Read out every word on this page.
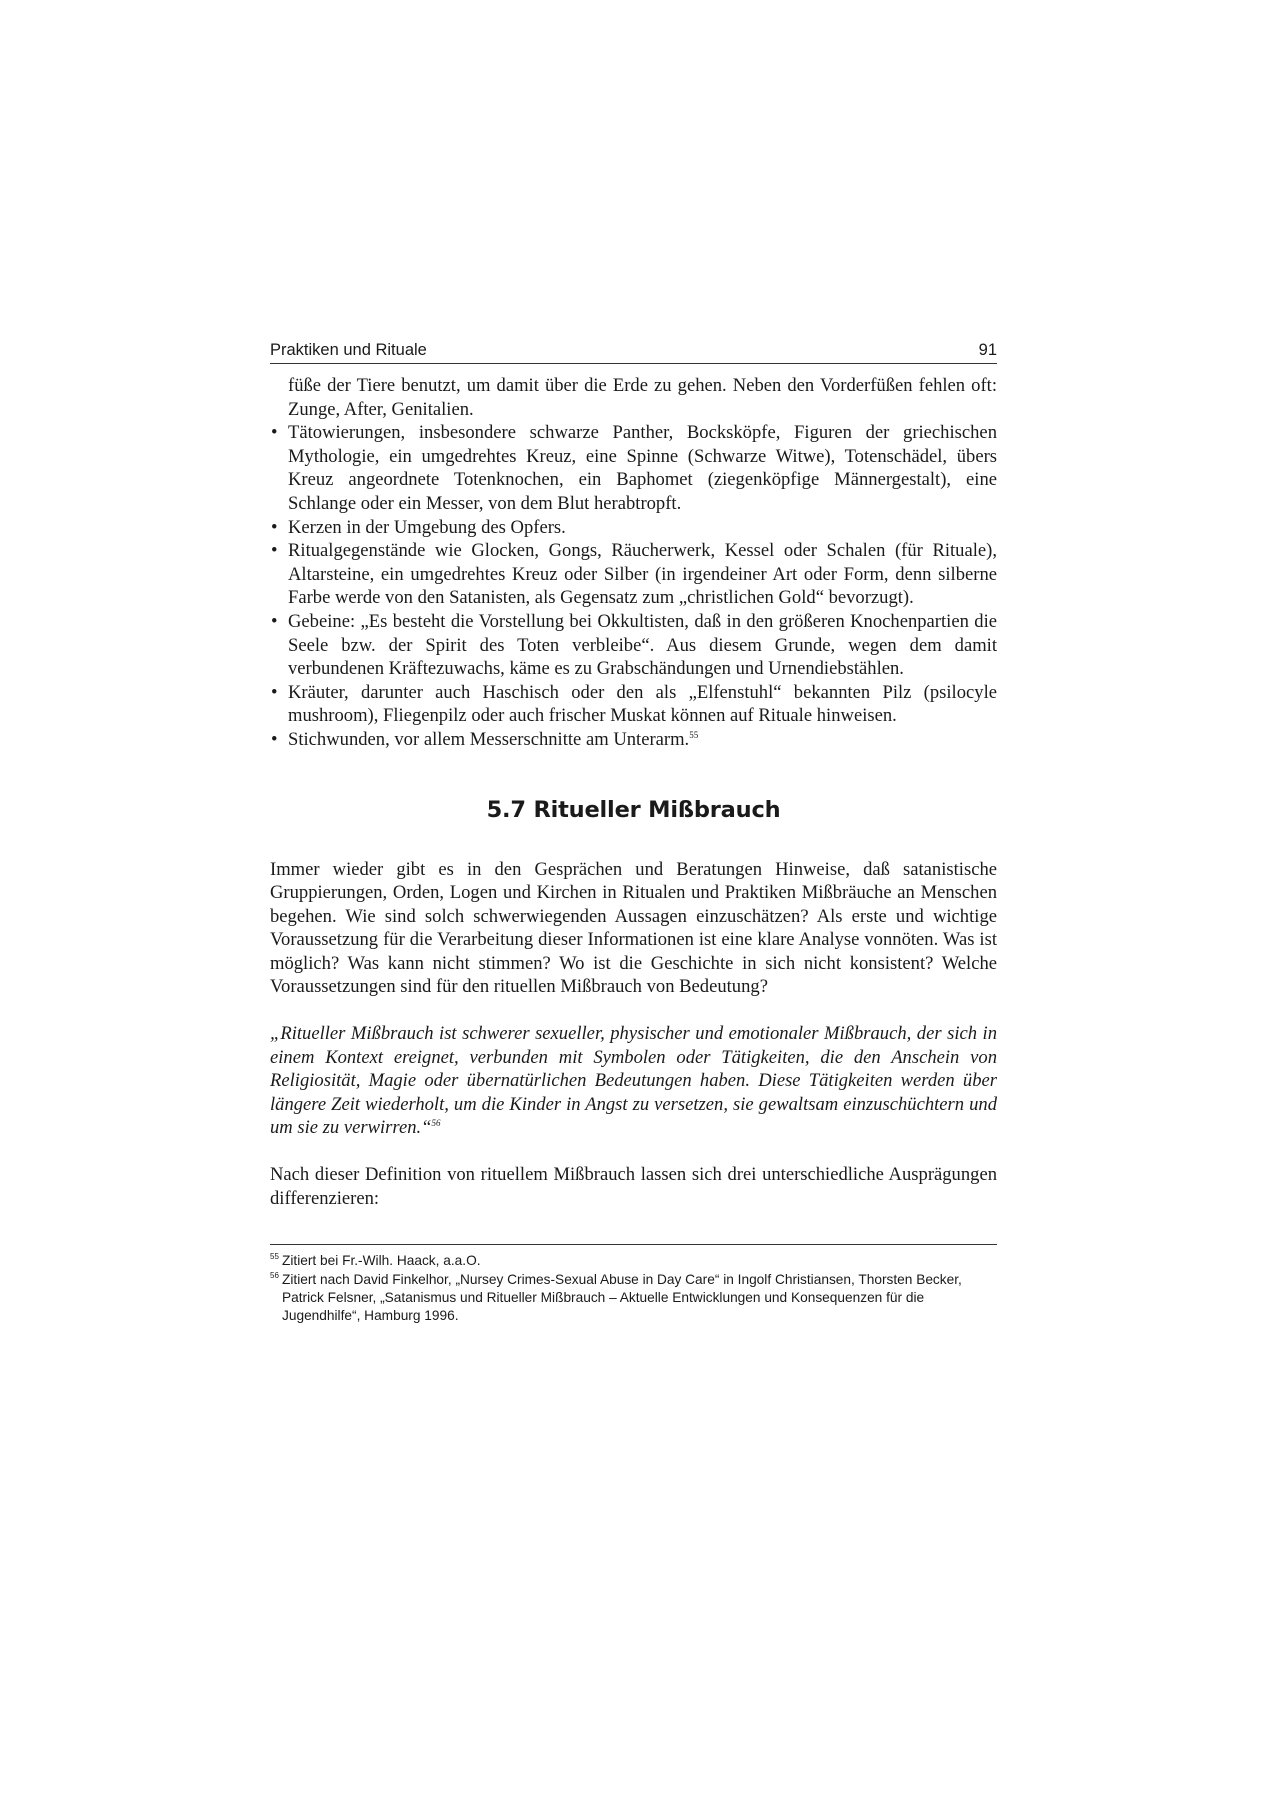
Praktiken und Rituale	91

füße der Tiere benutzt, um damit über die Erde zu gehen. Neben den Vorderfüßen fehlen oft: Zunge, After, Genitalien.

• Tätowierungen, insbesondere schwarze Panther, Bocksköpfe, Figuren der griechischen Mythologie, ein umgedrehtes Kreuz, eine Spinne (Schwarze Witwe), Totenschädel, übers Kreuz angeordnete Totenknochen, ein Baphomet (ziegenköpfige Männergestalt), eine Schlange oder ein Messer, von dem Blut herabtropft.
• Kerzen in der Umgebung des Opfers.
• Ritualgegenstände wie Glocken, Gongs, Räucherwerk, Kessel oder Schalen (für Rituale), Altarsteine, ein umgedrehtes Kreuz oder Silber (in irgendeiner Art oder Form, denn silberne Farbe werde von den Satanisten, als Gegensatz zum „christlichen Gold“ bevorzugt).
• Gebeine: „Es besteht die Vorstellung bei Okkultisten, daß in den größeren Knochenpartien die Seele bzw. der Spirit des Toten verbleibe“. Aus diesem Grunde, wegen dem damit verbundenen Kräftezuwachs, käme es zu Grabschändungen und Urnendiebstählen.
• Kräuter, darunter auch Haschisch oder den als „Elfenstuhl“ bekannten Pilz (psilocyle mushroom), Fliegenpilz oder auch frischer Muskat können auf Rituale hinweisen.
• Stichwunden, vor allem Messerschnitte am Unterarm.$^{55}$
5.7 Ritueller Mißbrauch

Immer wieder gibt es in den Gesprächen und Beratungen Hinweise, daß satanistische Gruppierungen, Orden, Logen und Kirchen in Ritualen und Praktiken Mißbräuche an Menschen begehen. Wie sind solch schwerwiegenden Aussagen einzuschätzen? Als erste und wichtige Voraussetzung für die Verarbeitung dieser Informationen ist eine klare Analyse vonnöten. Was ist möglich? Was kann nicht stimmen? Wo ist die Geschichte in sich nicht konsistent? Welche Voraussetzungen sind für den rituellen Mißbrauch von Bedeutung?

„Ritueller Mißbrauch ist schwerer sexueller, physischer und emotionaler Mißbrauch, der sich in einem Kontext ereignet, verbunden mit Symbolen oder Tätigkeiten, die den Anschein von Religiosität, Magie oder übernatürlichen Bedeutungen haben. Diese Tätigkeiten werden über längere Zeit wiederholt, um die Kinder in Angst zu versetzen, sie gewaltsam einzuschüchtern und um sie zu verwirren.“$^{56}$

Nach dieser Definition von rituellem Mißbrauch lassen sich drei unterschiedliche Ausprägungen differenzieren:

55 Zitiert bei Fr.-Wilh. Haack, a.a.O.
56 Zitiert nach David Finkelhor, „Nursey Crimes-Sexual Abuse in Day Care“ in Ingolf Christiansen, Thorsten Becker, Patrick Felsner, „Satanismus und Ritueller Mißbrauch – Aktuelle Entwicklungen und Konsequenzen für die Jugendhilfe“, Hamburg 1996.
